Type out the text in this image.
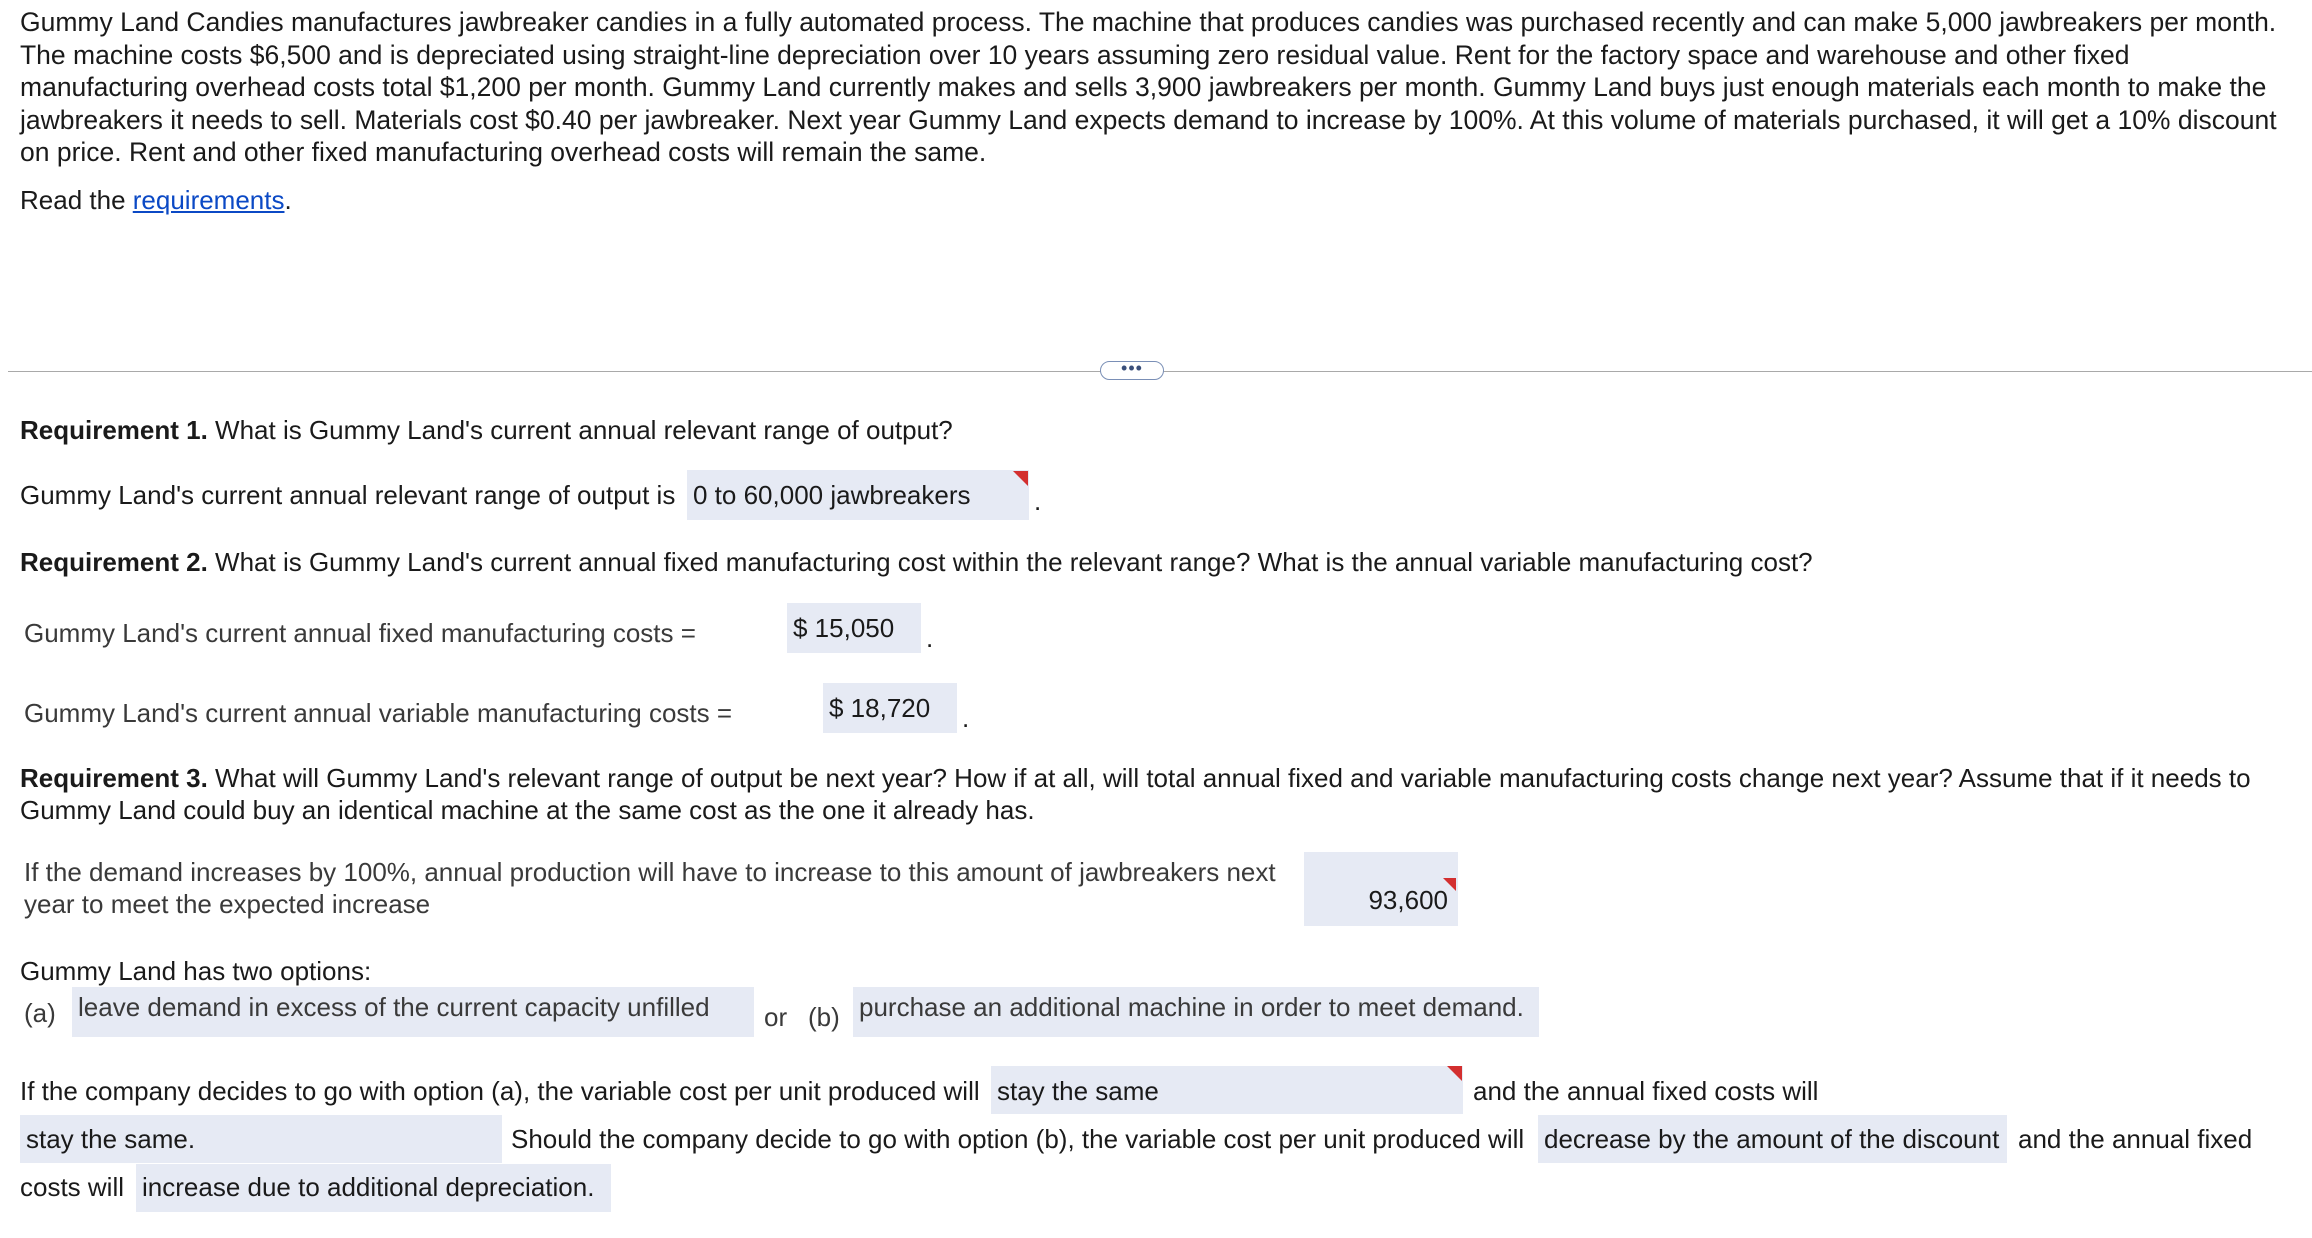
Gummy Land Candies manufactures jawbreaker candies in a fully automated process. The machine that produces candies was purchased recently and can make 5,000 jawbreakers per month. The machine costs $6,500 and is depreciated using straight-line depreciation over 10 years assuming zero residual value. Rent for the factory space and warehouse and other fixed manufacturing overhead costs total $1,200 per month. Gummy Land currently makes and sells 3,900 jawbreakers per month. Gummy Land buys just enough materials each month to make the jawbreakers it needs to sell. Materials cost $0.40 per jawbreaker. Next year Gummy Land expects demand to increase by 100%. At this volume of materials purchased, it will get a 10% discount on price. Rent and other fixed manufacturing overhead costs will remain the same.
Read the requirements.
•••
Requirement 1. What is Gummy Land's current annual relevant range of output?
Gummy Land's current annual relevant range of output is 0 to 60,000 jawbreakers	.
Requirement 2. What is Gummy Land's current annual fixed manufacturing cost within the relevant range? What is the annual variable manufacturing cost?
Gummy Land's current annual fixed manufacturing costs =	$ 15,050	.
Gummy Land's current annual variable manufacturing costs =	$ 18,720	.
Requirement 3. What will Gummy Land's relevant range of output be next year? How if at all, will total annual fixed and variable manufacturing costs change next year? Assume that if it needs to
Gummy Land could buy an identical machine at the same cost as the one it already has.
If the demand increases by 100%, annual production will have to increase to this amount of jawbreakers next
year to meet the expected increase	93,600
Gummy Land has two options:
(a) leave demand in excess of the current capacity unfilled	or (b) purchase an additional machine in order to meet demand.
If the company decides to go with option (a), the variable cost per unit produced will stay the same	and the annual fixed costs will
stay the same.	Should the company decide to go with option (b), the variable cost per unit produced will decrease by the amount of the discount and the annual fixed
costs will increase due to additional depreciation.
